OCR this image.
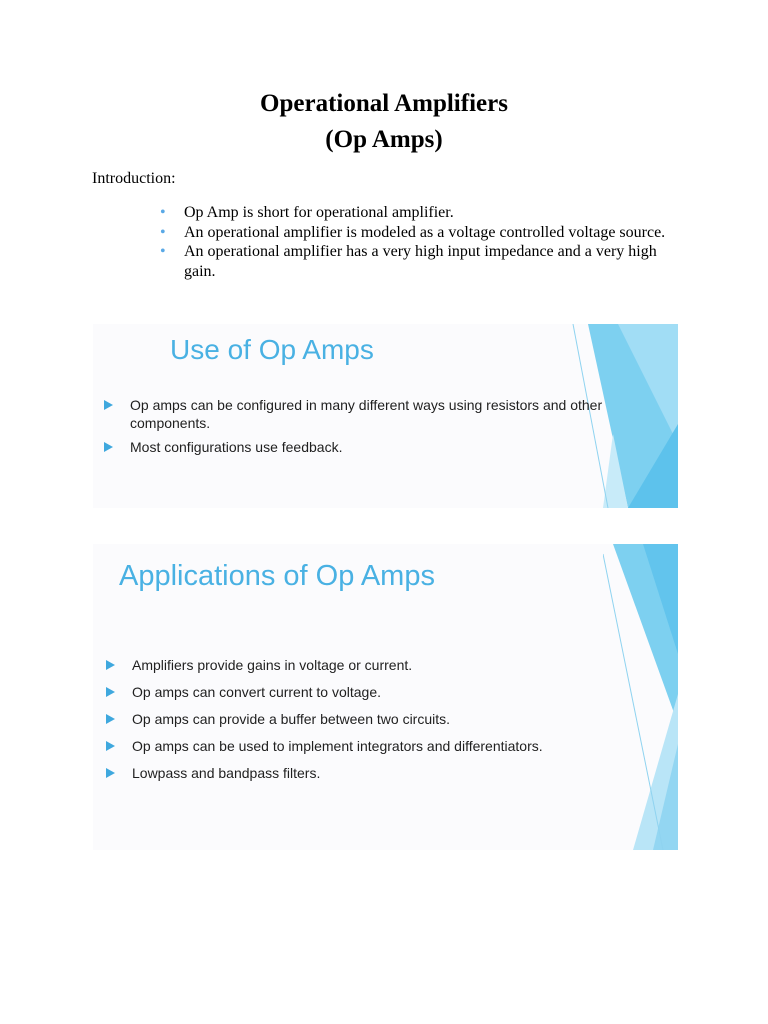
Operational Amplifiers
(Op Amps)
Introduction:
• Op Amp is short for operational amplifier.
• An operational amplifier is modeled as a voltage controlled voltage source.
• An operational amplifier has a very high input impedance and a very high gain.
Use of Op Amps
Op amps can be configured in many different ways using resistors and other components.
Most configurations use feedback.
Applications of Op Amps
Amplifiers provide gains in voltage or current.
Op amps can convert current to voltage.
Op amps can provide a buffer between two circuits.
Op amps can be used to implement integrators and differentiators.
Lowpass and bandpass filters.
